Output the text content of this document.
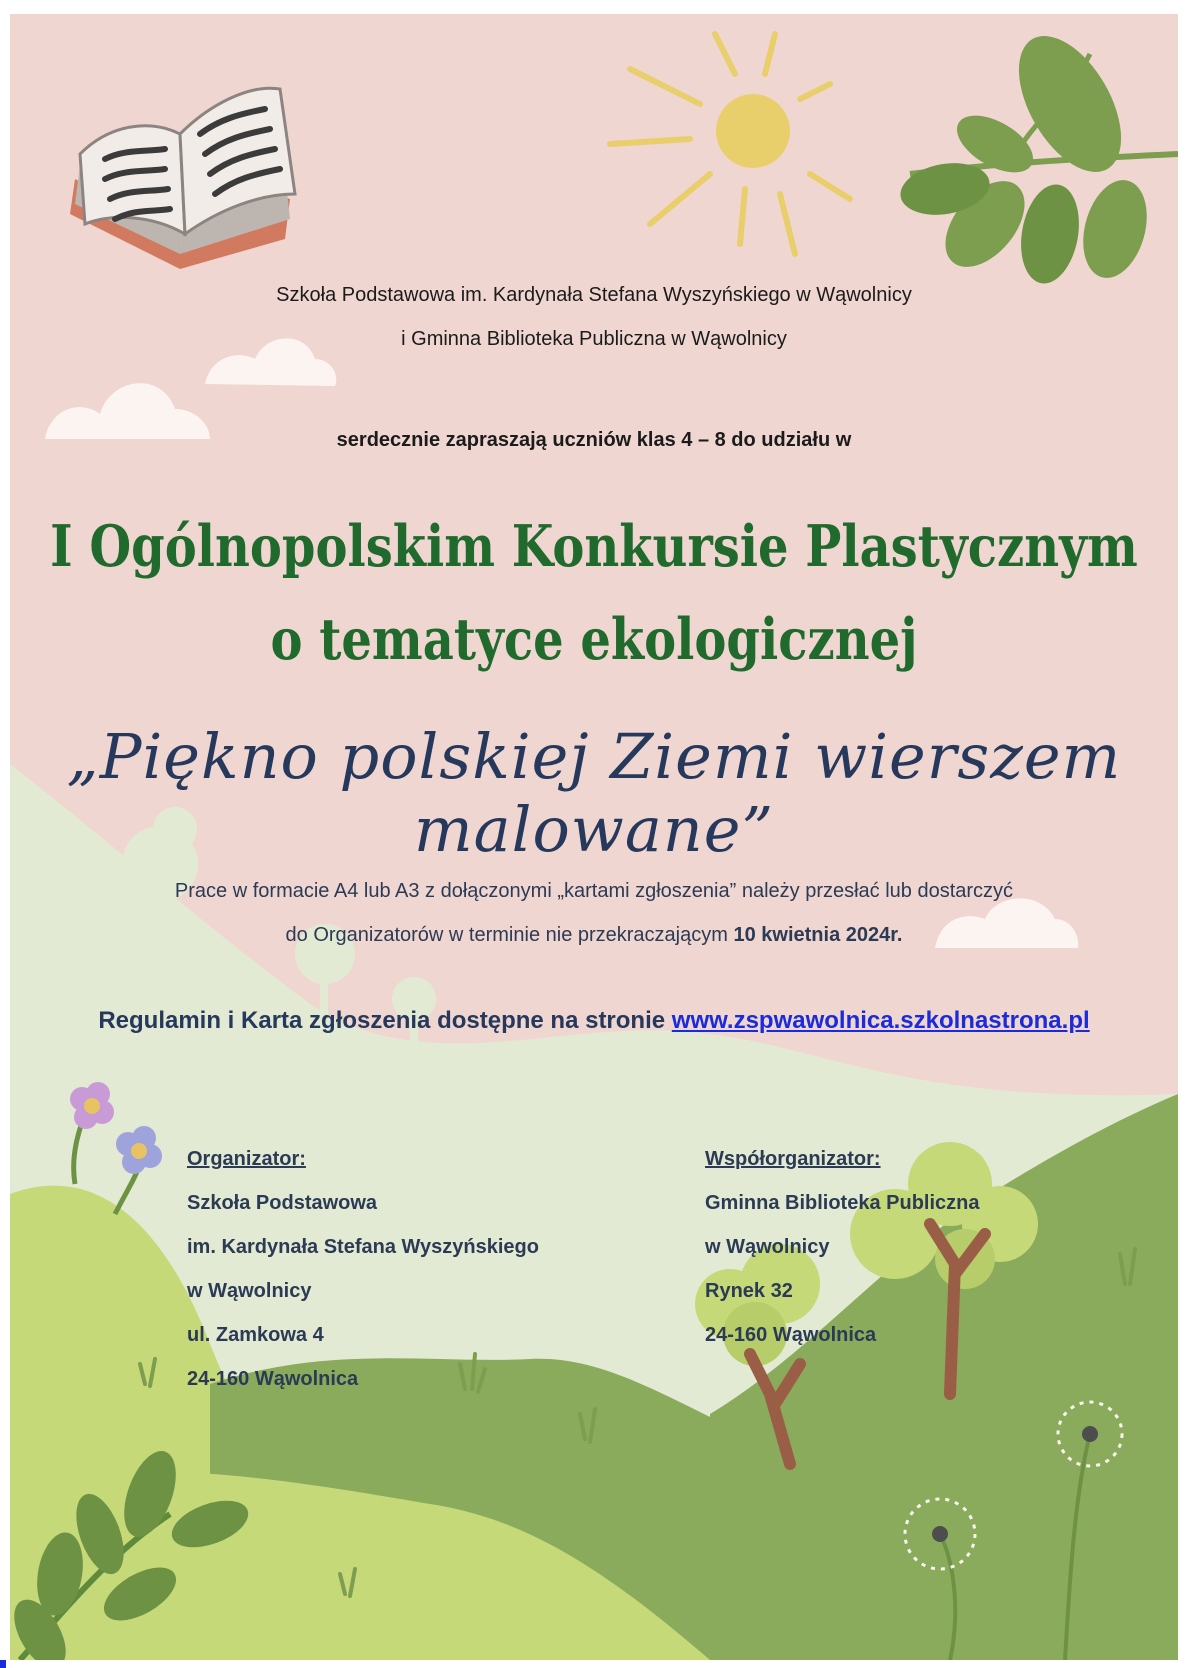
Szkoła Podstawowa im. Kardynała Stefana Wyszyńskiego w Wąwolnicy
i Gminna Biblioteka Publiczna w Wąwolnicy
serdecznie zapraszają uczniów klas 4 – 8 do udziału w
I Ogólnopolskim Konkursie Plastycznym
o tematyce ekologicznej
„Piękno polskiej Ziemi wierszem malowane”
Prace w formacie A4 lub A3 z dołączonymi „kartami zgłoszenia” należy przesłać lub dostarczyć
do Organizatorów w terminie nie przekraczającym 10 kwietnia 2024r.
Regulamin i Karta zgłoszenia dostępne na stronie www.zspwawolnica.szkolnastrona.pl
Organizator:
Szkoła Podstawowa
im. Kardynała Stefana Wyszyńskiego
w Wąwolnicy
ul. Zamkowa 4
24-160 Wąwolnica
Współorganizator:
Gminna Biblioteka Publiczna
w Wąwolnicy
Rynek 32
24-160 Wąwolnica
